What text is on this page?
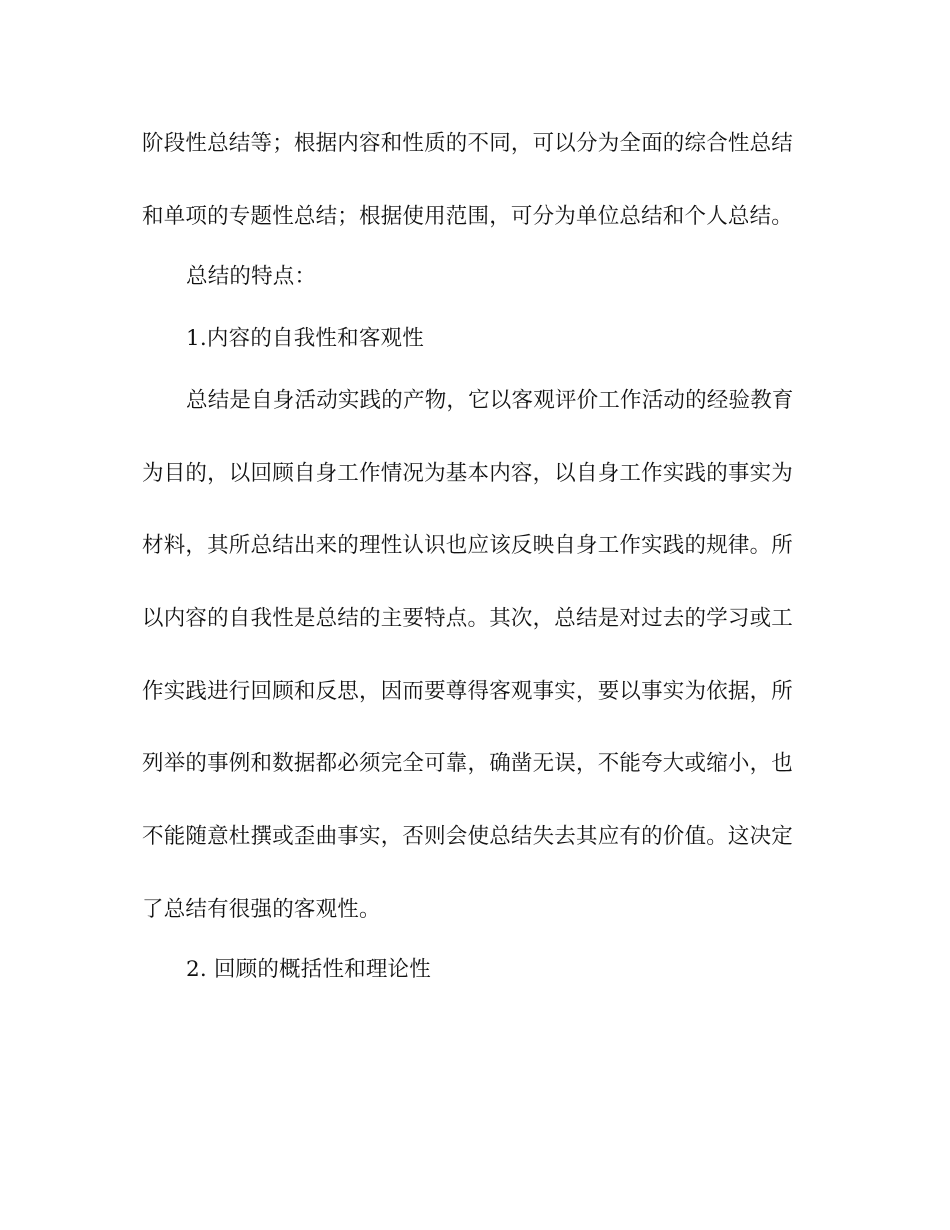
阶段性总结等；根据内容和性质的不同，可以分为全面的综合性总结
和单项的专题性总结；根据使用范围，可分为单位总结和个人总结。
总结的特点：
1.内容的自我性和客观性
总结是自身活动实践的产物，它以客观评价工作活动的经验教育
为目的，以回顾自身工作情况为基本内容，以自身工作实践的事实为
材料，其所总结出来的理性认识也应该反映自身工作实践的规律。所
以内容的自我性是总结的主要特点。其次，总结是对过去的学习或工
作实践进行回顾和反思，因而要尊得客观事实，要以事实为依据，所
列举的事例和数据都必须完全可靠，确凿无误，不能夸大或缩小，也
不能随意杜撰或歪曲事实，否则会使总结失去其应有的价值。这决定
了总结有很强的客观性。
2. 回顾的概括性和理论性
